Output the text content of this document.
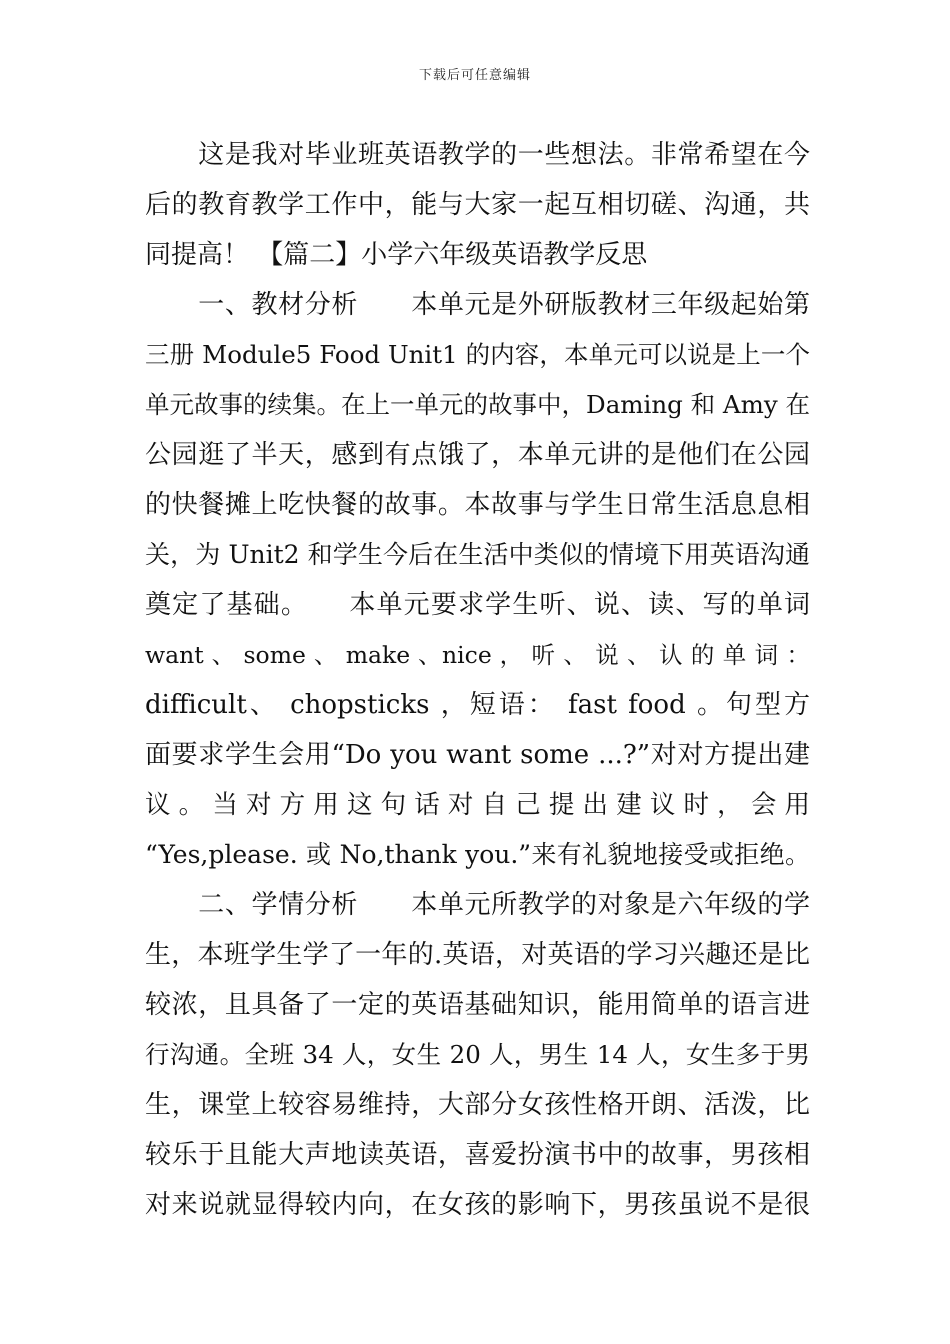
下载后可任意编辑
　　这是我对毕业班英语教学的一些想法。非常希望在今
后的教育教学工作中，能与大家一起互相切磋、沟通，共
同提高！ 【篇二】小学六年级英语教学反思
　　一、教材分析　　本单元是外研版教材三年级起始第
三册 Module5 Food Unit1 的内容，本单元可以说是上一个
单元故事的续集。在上一单元的故事中，Daming 和 Amy 在
公园逛了半天，感到有点饿了，本单元讲的是他们在公园
的快餐摊上吃快餐的故事。本故事与学生日常生活息息相
关，为 Unit2 和学生今后在生活中类似的情境下用英语沟通
奠定了基础。　　本单元要求学生听、说、读、写的单词
want 、 some 、 make 、nice ， 听 、 说 、 认 的 单 词 ：
difficult、 chopsticks ，短语： fast food 。句型方
面要求学生会用“Do you want some ...?”对对方提出建
议 。 当 对 方 用 这 句 话 对 自 己 提 出 建 议 时 ， 会 用
“Yes,please. 或 No,thank you.”来有礼貌地接受或拒绝。
　　二、学情分析　　本单元所教学的对象是六年级的学
生，本班学生学了一年的.英语，对英语的学习兴趣还是比
较浓，且具备了一定的英语基础知识，能用简单的语言进
行沟通。全班 34 人，女生 20 人，男生 14 人，女生多于男
生，课堂上较容易维持，大部分女孩性格开朗、活泼，比
较乐于且能大声地读英语，喜爱扮演书中的故事，男孩相
对来说就显得较内向，在女孩的影响下，男孩虽说不是很
